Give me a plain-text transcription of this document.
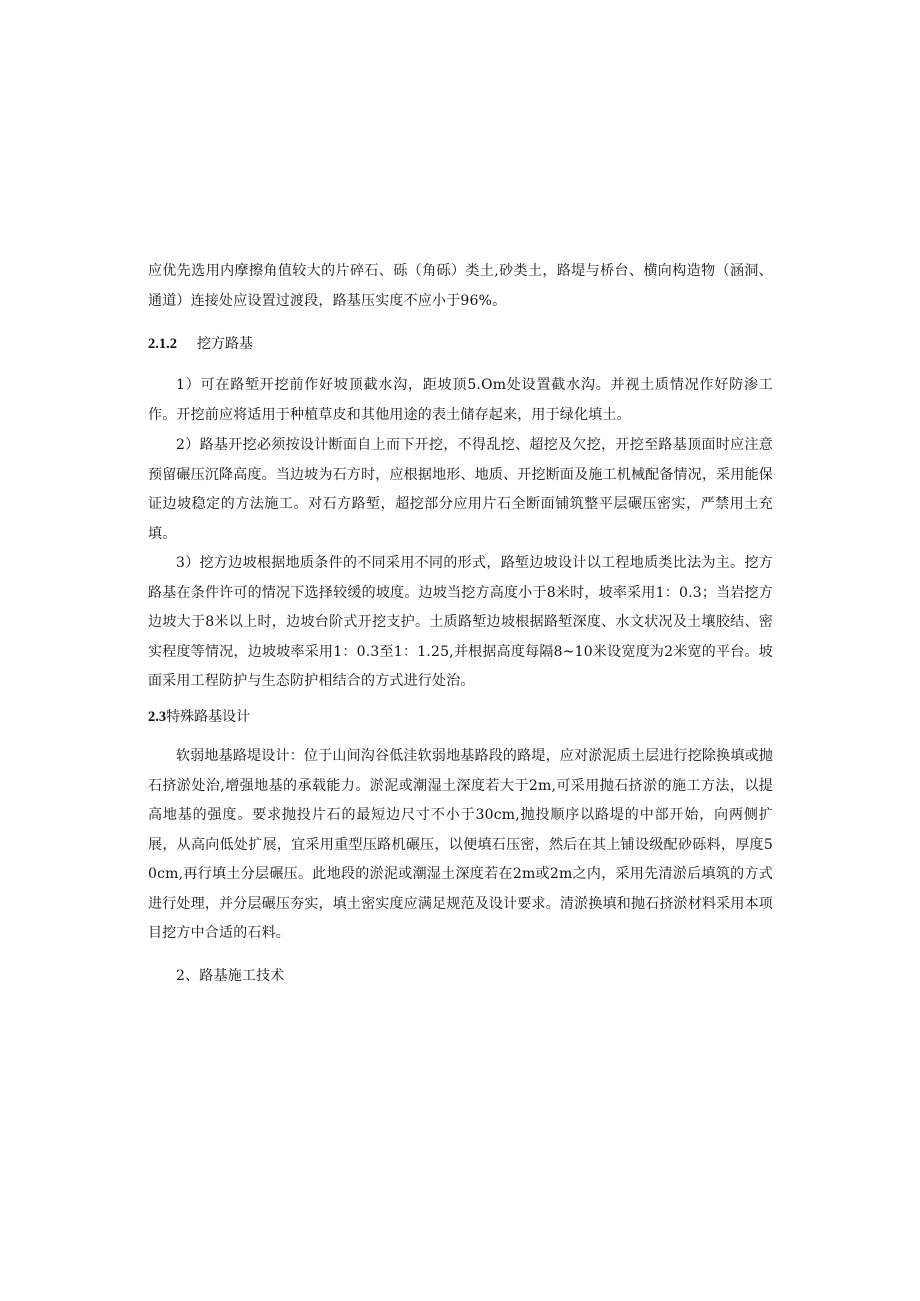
应优先选用内摩擦角值较大的片碎石、砾（角砾）类土,砂类土，路堤与桥台、横向构造物（涵洞、通道）连接处应设置过渡段，路基压实度不应小于96%。

2.1.2 挖方路基

1）可在路堑开挖前作好坡顶截水沟，距坡顶5.Om处设置截水沟。并视土质情况作好防渗工作。开挖前应将适用于种植草皮和其他用途的表土储存起来，用于绿化填土。

2）路基开挖必须按设计断面自上而下开挖，不得乱挖、超挖及欠挖，开挖至路基顶面时应注意预留碾压沉降高度。当边坡为石方时，应根据地形、地质、开挖断面及施工机械配备情况，采用能保证边坡稳定的方法施工。对石方路堑，超挖部分应用片石全断面铺筑整平层碾压密实，严禁用土充填。

3）挖方边坡根据地质条件的不同采用不同的形式，路堑边坡设计以工程地质类比法为主。挖方路基在条件许可的情况下选择较缓的坡度。边坡当挖方高度小于8米时，坡率采用1：0.3；当岩挖方边坡大于8米以上时，边坡台阶式开挖支护。土质路堑边坡根据路堑深度、水文状况及土壤胶结、密实程度等情况，边坡坡率采用1：0.3至1：1.25,并根据高度每隔8~10米设宽度为2米宽的平台。坡面采用工程防护与生态防护相结合的方式进行处治。

2.3特殊路基设计

软弱地基路堤设计：位于山间沟谷低洼软弱地基路段的路堤，应对淤泥质土层进行挖除换填或抛石挤淤处治,增强地基的承载能力。淤泥或潮湿土深度若大于2m,可采用抛石挤淤的施工方法，以提高地基的强度。要求抛投片石的最短边尺寸不小于30cm,抛投顺序以路堤的中部开始，向两侧扩展，从高向低处扩展，宜采用重型压路机碾压，以便填石压密，然后在其上铺设级配砂砾料，厚度50cm,再行填土分层碾压。此地段的淤泥或潮湿土深度若在2m或2m之内，采用先清淤后填筑的方式进行处理，并分层碾压夯实，填土密实度应满足规范及设计要求。清淤换填和抛石挤淤材料采用本项目挖方中合适的石料。

2、路基施工技术
